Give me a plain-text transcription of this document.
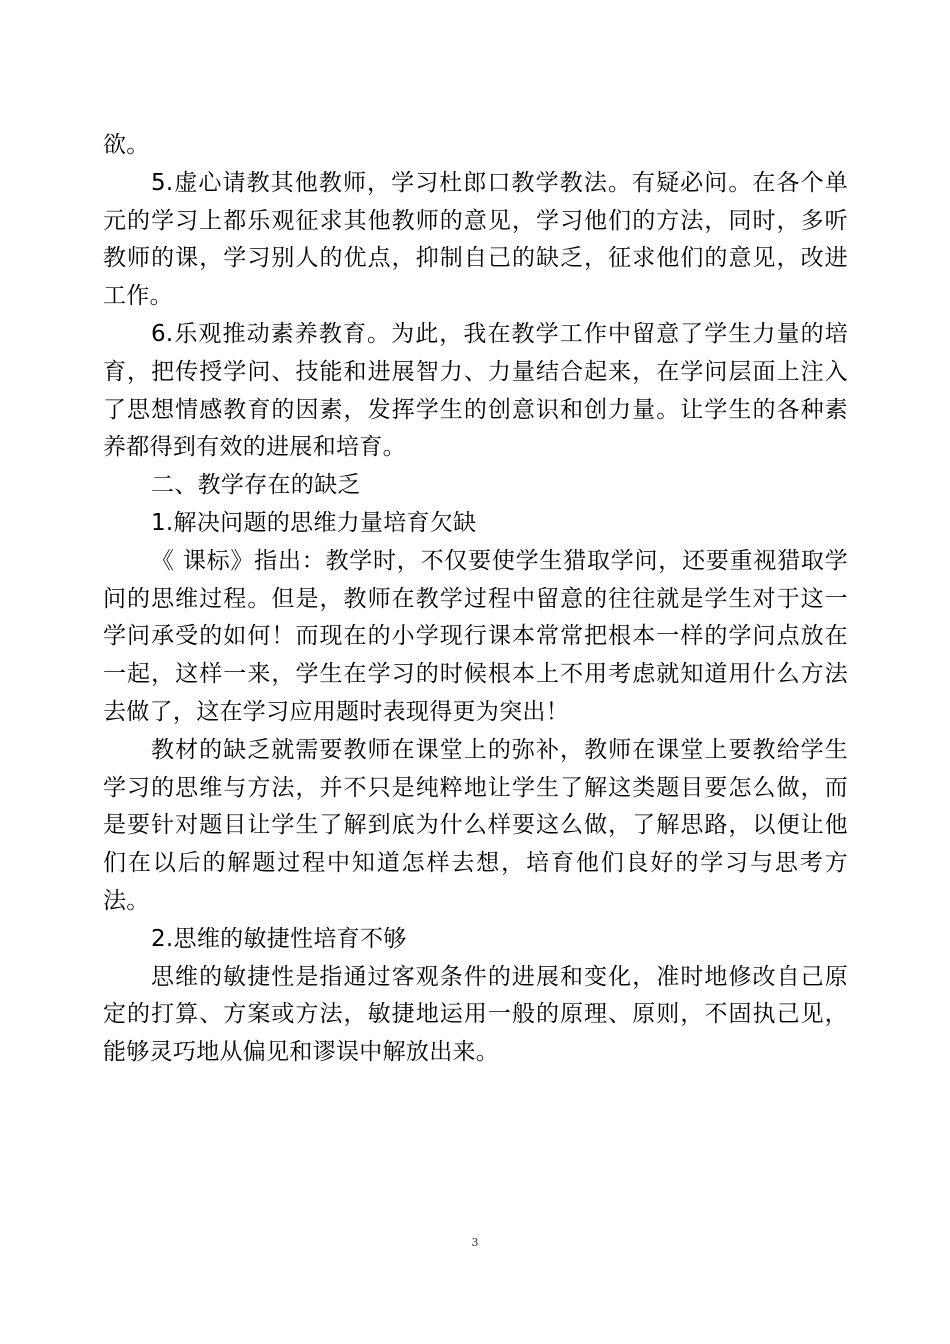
欲。

5.虚心请教其他教师，学习杜郎口教学教法。有疑必问。在各个单元的学习上都乐观征求其他教师的意见，学习他们的方法，同时，多听教师的课，学习别人的优点，抑制自己的缺乏，征求他们的意见，改进工作。

6.乐观推动素养教育。为此，我在教学工作中留意了学生力量的培育，把传授学问、技能和进展智力、力量结合起来，在学问层面上注入了思想情感教育的因素，发挥学生的创意识和创力量。让学生的各种素养都得到有效的进展和培育。

二、教学存在的缺乏

1.解决问题的思维力量培育欠缺

《 课标》指出：教学时，不仅要使学生猎取学问，还要重视猎取学问的思维过程。但是，教师在教学过程中留意的往往就是学生对于这一学问承受的如何！而现在的小学现行课本常常把根本一样的学问点放在一起，这样一来，学生在学习的时候根本上不用考虑就知道用什么方法去做了，这在学习应用题时表现得更为突出！

教材的缺乏就需要教师在课堂上的弥补，教师在课堂上要教给学生学习的思维与方法，并不只是纯粹地让学生了解这类题目要怎么做，而是要针对题目让学生了解到底为什么样要这么做，了解思路，以便让他们在以后的解题过程中知道怎样去想，培育他们良好的学习与思考方法。

2.思维的敏捷性培育不够

思维的敏捷性是指通过客观条件的进展和变化，准时地修改自己原定的打算、方案或方法，敏捷地运用一般的原理、原则，不固执己见，能够灵巧地从偏见和谬误中解放出来。

3
